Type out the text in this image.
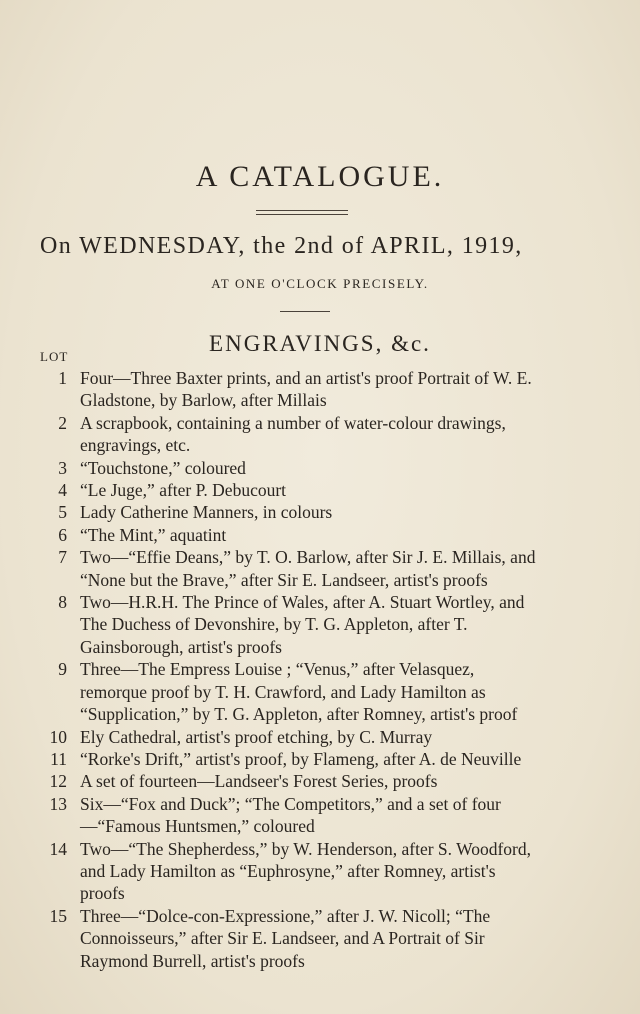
A CATALOGUE.
On WEDNESDAY, the 2nd of APRIL, 1919,
AT ONE O'CLOCK PRECISELY.
ENGRAVINGS, &c.
LOT
1 Four—Three Baxter prints, and an artist's proof Portrait of W. E. Gladstone, by Barlow, after Millais
2 A scrapbook, containing a number of water-colour drawings, engravings, etc.
3 “Touchstone,” coloured
4 “Le Juge,” after P. Debucourt
5 Lady Catherine Manners, in colours
6 “The Mint,” aquatint
7 Two—“Effie Deans,” by T. O. Barlow, after Sir J. E. Millais, and “None but the Brave,” after Sir E. Landseer, artist's proofs
8 Two—H.R.H. The Prince of Wales, after A. Stuart Wortley, and The Duchess of Devonshire, by T. G. Appleton, after T. Gainsborough, artist's proofs
9 Three—The Empress Louise ; “Venus,” after Velasquez, remorque proof by T. H. Crawford, and Lady Hamilton as “Supplication,” by T. G. Appleton, after Romney, artist's proof
10 Ely Cathedral, artist's proof etching, by C. Murray
11 “Rorke's Drift,” artist's proof, by Flameng, after A. de Neuville
12 A set of fourteen—Landseer's Forest Series, proofs
13 Six—“Fox and Duck”; “The Competitors,” and a set of four—“Famous Huntsmen,” coloured
14 Two—“The Shepherdess,” by W. Henderson, after S. Woodford, and Lady Hamilton as “Euphrosyne,” after Romney, artist's proofs
15 Three—“Dolce-con-Expressione,” after J. W. Nicoll; “The Connoisseurs,” after Sir E. Landseer, and A Portrait of Sir Raymond Burrell, artist's proofs
